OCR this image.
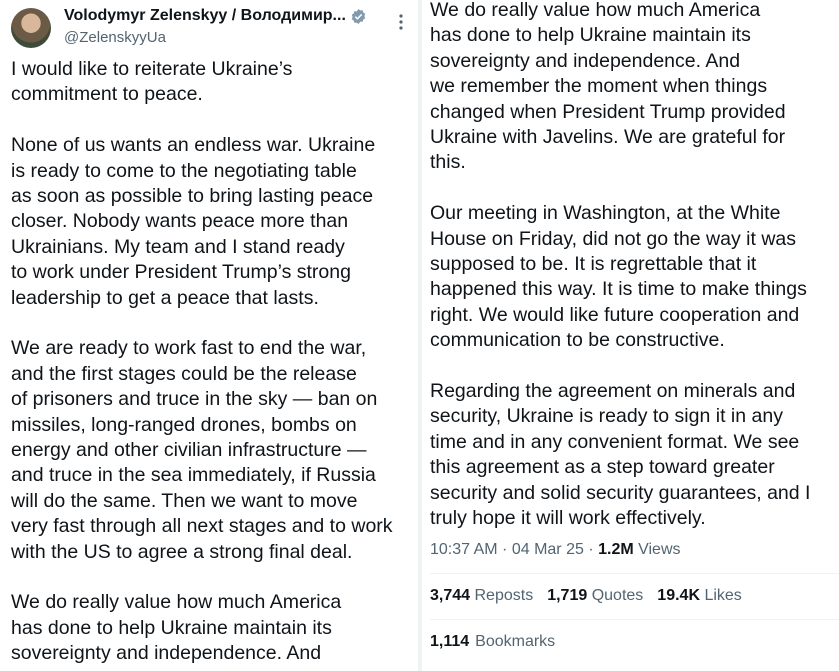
Volodymyr Zelenskyy / Володимир...
@ZelenskyyUa

I would like to reiterate Ukraine’s
commitment to peace.

None of us wants an endless war. Ukraine
is ready to come to the negotiating table
as soon as possible to bring lasting peace
closer. Nobody wants peace more than
Ukrainians. My team and I stand ready
to work under President Trump’s strong
leadership to get a peace that lasts.

We are ready to work fast to end the war,
and the first stages could be the release
of prisoners and truce in the sky — ban on
missiles, long-ranged drones, bombs on
energy and other civilian infrastructure —
and truce in the sea immediately, if Russia
will do the same. Then we want to move
very fast through all next stages and to work
with the US to agree a strong final deal.

We do really value how much America
has done to help Ukraine maintain its
sovereignty and independence. And

We do really value how much America
has done to help Ukraine maintain its
sovereignty and independence. And
we remember the moment when things
changed when President Trump provided
Ukraine with Javelins. We are grateful for
this.

Our meeting in Washington, at the White
House on Friday, did not go the way it was
supposed to be. It is regrettable that it
happened this way. It is time to make things
right. We would like future cooperation and
communication to be constructive.

Regarding the agreement on minerals and
security, Ukraine is ready to sign it in any
time and in any convenient format. We see
this agreement as a step toward greater
security and solid security guarantees, and I
truly hope it will work effectively.

10:37 AM · 04 Mar 25 · 1.2M Views
3,744 Reposts 1,719 Quotes 19.4K Likes
1,114 Bookmarks
